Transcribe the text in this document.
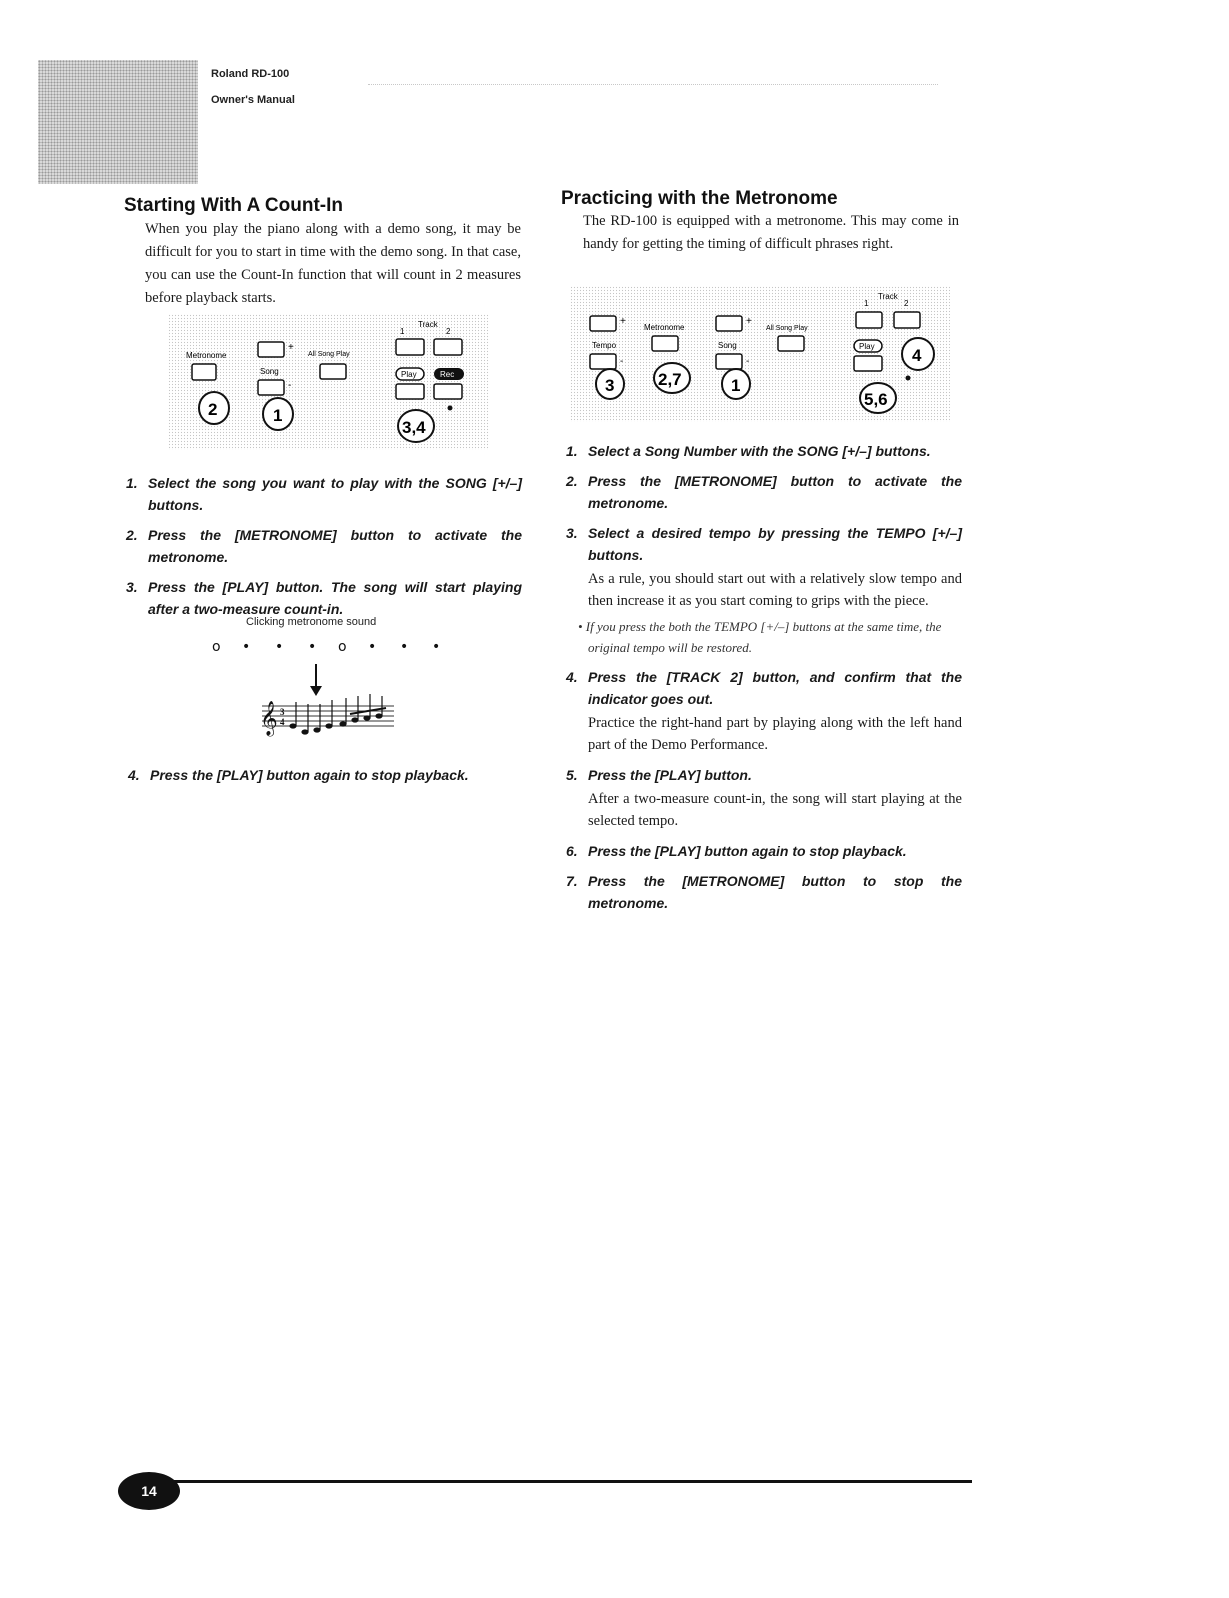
Roland RD-100
Owner's Manual
Starting With A Count-In

When you play the piano along with a demo song, it may be difficult for you to start in time with the demo song. In that case, you can use the Count-In function that will count in 2 measures before playback starts.

1
Track
2
Metronome
+
Song
-
All Song Play
Play	Rec
2	1
3,4
1. Select the song you want to play with the SONG [+/–] buttons.
2. Press the [METRONOME] button to activate the metronome.
3. Press the [PLAY] button. The song will start playing after a two-measure count-in.
Clicking metronome sound
o • • • o • • •
𝄞 3
4
4. Press the [PLAY] button again to stop playback.
Practicing with the Metronome

The RD-100 is equipped with a metronome. This may come in handy for getting the timing of difficult phrases right.

+
Tempo
-
Metronome
+
Song
-
All Song Play
1
Track
2
Play
3	2,7	1
5,6
4
1. Select a Song Number with the SONG [+/–] buttons.
2. Press the [METRONOME] button to activate the metronome.
3. Select a desired tempo by pressing the TEMPO [+/–] buttons.
As a rule, you should start out with a relatively slow tempo and then increase it as you start coming to grips with the piece.
• If you press the both the TEMPO [+/–] buttons at the same time, the original tempo will be restored.
4. Press the [TRACK 2] button, and confirm that the indicator goes out.
Practice the right-hand part by playing along with the left hand part of the Demo Performance.
5. Press the [PLAY] button.
After a two-measure count-in, the song will start playing at the selected tempo.
6. Press the [PLAY] button again to stop playback.
7. Press the [METRONOME] button to stop the metronome.
14
